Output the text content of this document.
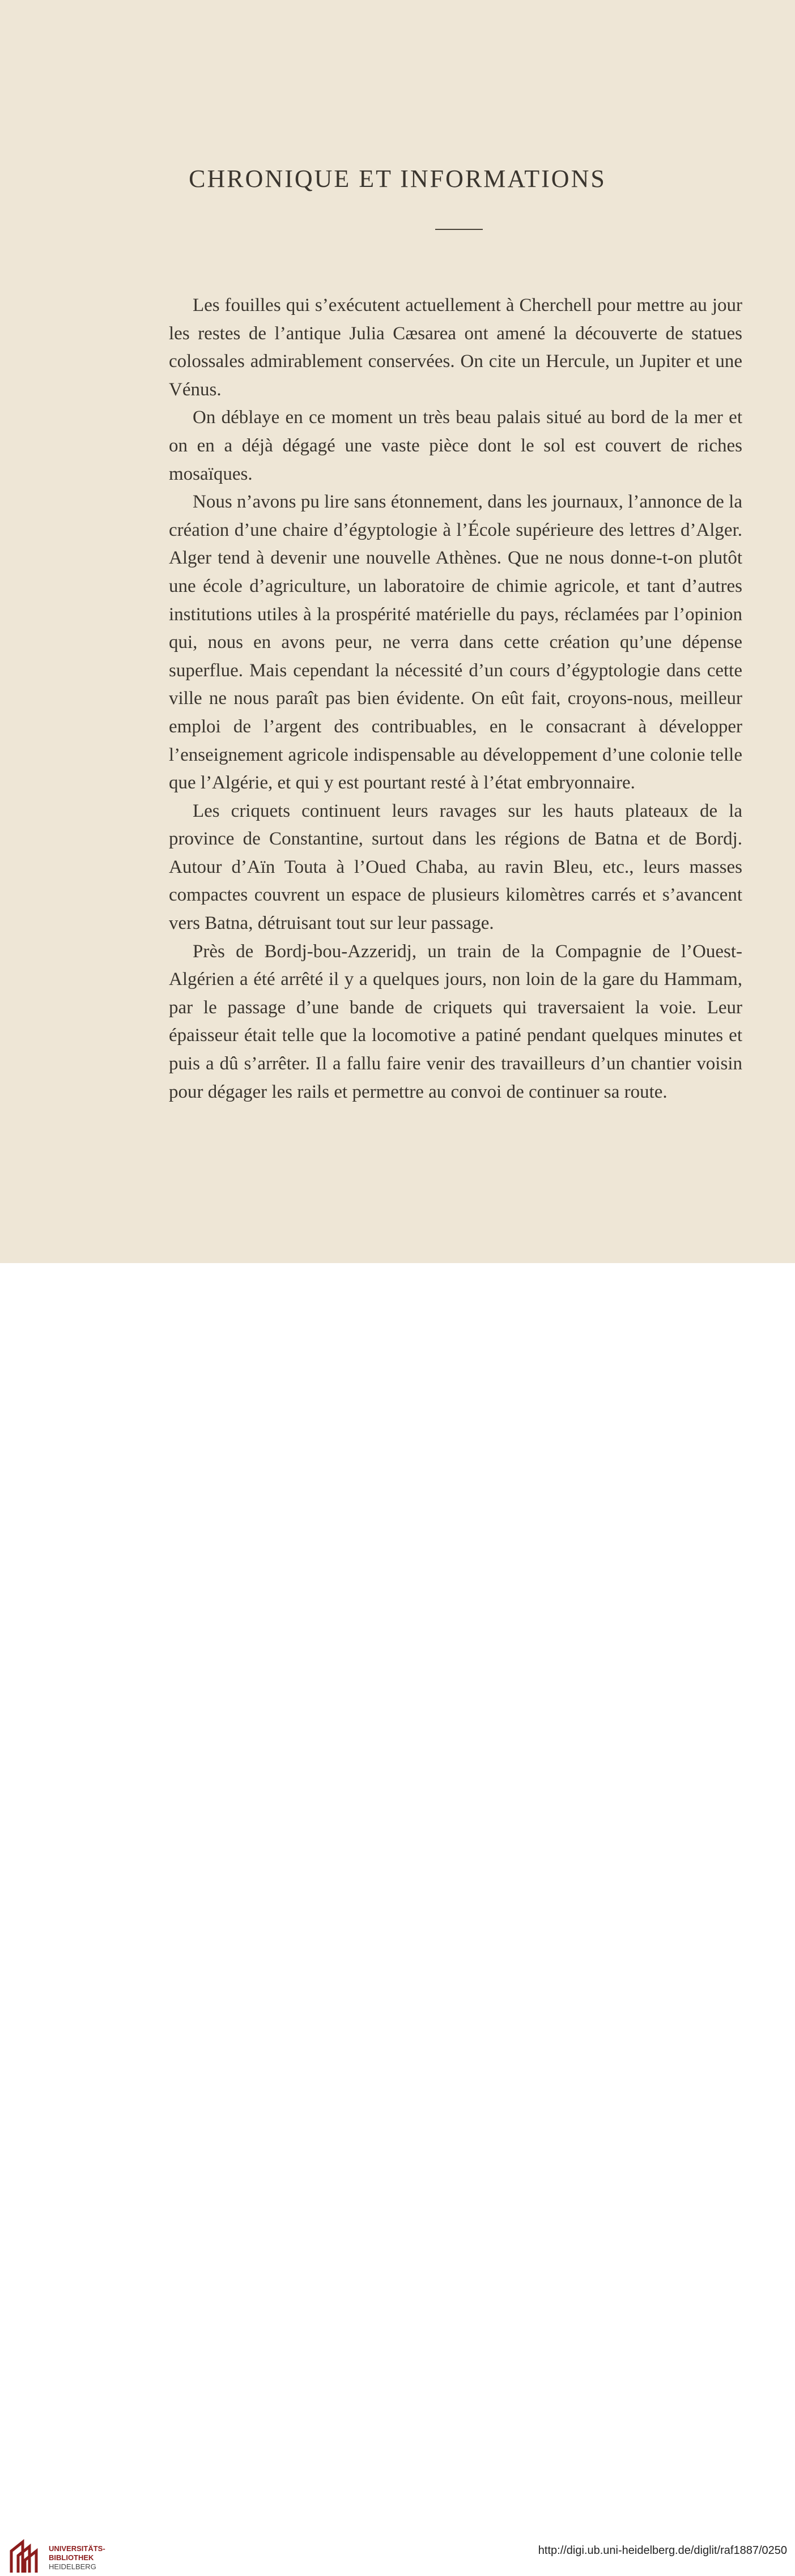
CHRONIQUE ET INFORMATIONS

Les fouilles qui s’exécutent actuellement à Cherchell pour mettre au jour les restes de l’antique Julia Cæsarea ont amené la découverte de statues colossales admirablement conservées. On cite un Hercule, un Jupiter et une Vénus.

On déblaye en ce moment un très beau palais situé au bord de la mer et on en a déjà dégagé une vaste pièce dont le sol est couvert de riches mosaïques.

Nous n’avons pu lire sans étonnement, dans les journaux, l’annonce de la création d’une chaire d’égyptologie à l’École supérieure des lettres d’Alger. Alger tend à devenir une nouvelle Athènes. Que ne nous donne-t-on plutôt une école d’agriculture, un laboratoire de chimie agricole, et tant d’autres institutions utiles à la prospérité matérielle du pays, réclamées par l’opinion qui, nous en avons peur, ne verra dans cette création qu’une dépense superflue. Mais cependant la nécessité d’un cours d’égyptologie dans cette ville ne nous paraît pas bien évidente. On eût fait, croyons-nous, meilleur emploi de l’argent des contribuables, en le consacrant à développer l’enseignement agricole indispensable au développement d’une colonie telle que l’Algérie, et qui y est pourtant resté à l’état embryonnaire.

Les criquets continuent leurs ravages sur les hauts plateaux de la province de Constantine, surtout dans les régions de Batna et de Bordj. Autour d’Aïn Touta à l’Oued Chaba, au ravin Bleu, etc., leurs masses compactes couvrent un espace de plusieurs kilomètres carrés et s’avancent vers Batna, détruisant tout sur leur passage.

Près de Bordj-bou-Azzeridj, un train de la Compagnie de l’Ouest-Algérien a été arrêté il y a quelques jours, non loin de la gare du Hammam, par le passage d’une bande de criquets qui traversaient la voie. Leur épaisseur était telle que la locomotive a patiné pendant quelques minutes et puis a dû s’arrêter. Il a fallu faire venir des travailleurs d’un chantier voisin pour dégager les rails et permettre au convoi de continuer sa route.

UNIVERSITÄTS-
BIBLIOTHEK
HEIDELBERG
http://digi.ub.uni-heidelberg.de/diglit/raf1887/0250
